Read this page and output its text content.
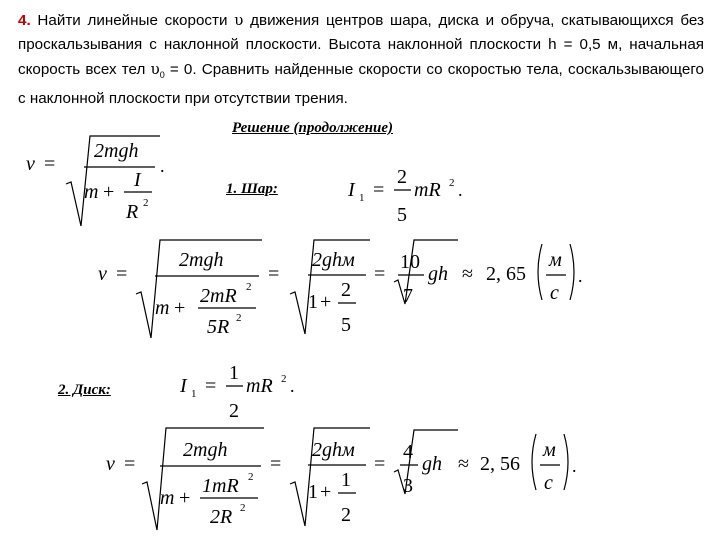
4. Найти линейные скорости υ движения центров шара, диска и обруча, скатывающихся без проскальзывания с наклонной плоскости. Высота наклонной плоскости h = 0,5 м, начальная скорость всех тел $\upsilon_0 = 0$. Сравнить найденные скорости со скоростью тела, соскальзывающего с наклонной плоскости при отсутствии трения.
Решение (продолжение)
1. Шар:
2. Диск:
v =
2mgh
.
m +
I
R 2
I 1 =
2
5
mR 2 .
v =
2mgh
m +
2mR 2
5R 2
=
2ghм
1 +
2
5
=
10
7
gh ≈ 2, 65
м
с
.
I 1 =
1
2
mR 2 .
v =
2mgh
m +
1mR 2
2R 2
=
2ghм
1 +
1
2
=
4
3
gh ≈ 2, 56
м
с
.
